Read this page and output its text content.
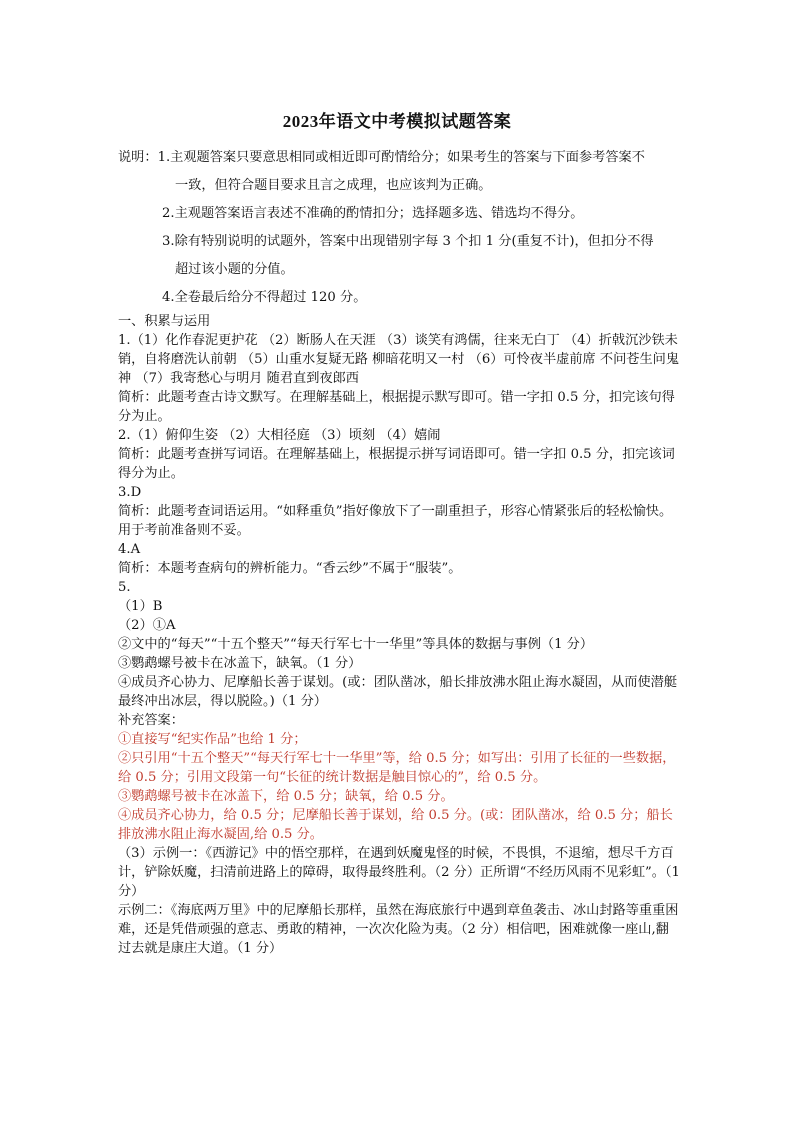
2023年语文中考模拟试题答案
说明：1.主观题答案只要意思相同或相近即可酌情给分；如果考生的答案与下面参考答案不
一致，但符合题目要求且言之成理，也应该判为正确。
2.主观题答案语言表述不准确的酌情扣分；选择题多选、错选均不得分。
3.除有特别说明的试题外，答案中出现错别字每 3 个扣 1 分(重复不计)，但扣分不得
超过该小题的分值。
4.全卷最后给分不得超过 120 分。
一、积累与运用
1.（1）化作春泥更护花 （2）断肠人在天涯 （3）谈笑有鸿儒，往来无白丁 （4）折戟沉沙铁未销，自将磨洗认前朝 （5）山重水复疑无路 柳暗花明又一村 （6）可怜夜半虚前席 不问苍生问鬼神 （7）我寄愁心与明月 随君直到夜郎西
简析：此题考查古诗文默写。在理解基础上，根据提示默写即可。错一字扣 0.5 分，扣完该句得分为止。
2.（1）俯仰生姿 （2）大相径庭 （3）顷刻 （4）嬉闹
简析：此题考查拼写词语。在理解基础上，根据提示拼写词语即可。错一字扣 0.5 分，扣完该词得分为止。
3.D
简析：此题考查词语运用。“如释重负”指好像放下了一副重担子，形容心情紧张后的轻松愉快。用于考前准备则不妥。
4.A
简析：本题考查病句的辨析能力。“香云纱”不属于“服装”。
5.
（1）B
（2）①A
②文中的“每天”“十五个整天”“每天行军七十一华里”等具体的数据与事例（1 分）
③鹦鹉螺号被卡在冰盖下，缺氧。（1 分）
④成员齐心协力、尼摩船长善于谋划。(或：团队凿冰，船长排放沸水阻止海水凝固，从而使潜艇最终冲出冰层，得以脱险。)（1 分）
补充答案：
①直接写“纪实作品”也给 1 分；
②只引用“十五个整天”“每天行军七十一华里”等，给 0.5 分；如写出：引用了长征的一些数据，给 0.5 分；引用文段第一句“长征的统计数据是触目惊心的”，给 0.5 分。
③鹦鹉螺号被卡在冰盖下，给 0.5 分；缺氧，给 0.5 分。
④成员齐心协力，给 0.5 分；尼摩船长善于谋划，给 0.5 分。(或：团队凿冰，给 0.5 分；船长排放沸水阻止海水凝固,给 0.5 分。
（3）示例一：《西游记》中的悟空那样，在遇到妖魔鬼怪的时候，不畏惧，不退缩，想尽千方百计，铲除妖魔，扫清前进路上的障碍，取得最终胜利。（2 分）正所谓“不经历风雨不见彩虹”。（1 分）
示例二：《海底两万里》中的尼摩船长那样，虽然在海底旅行中遇到章鱼袭击、冰山封路等重重困难，还是凭借顽强的意志、勇敢的精神，一次次化险为夷。（2 分）相信吧，困难就像一座山,翻过去就是康庄大道。（1 分）
